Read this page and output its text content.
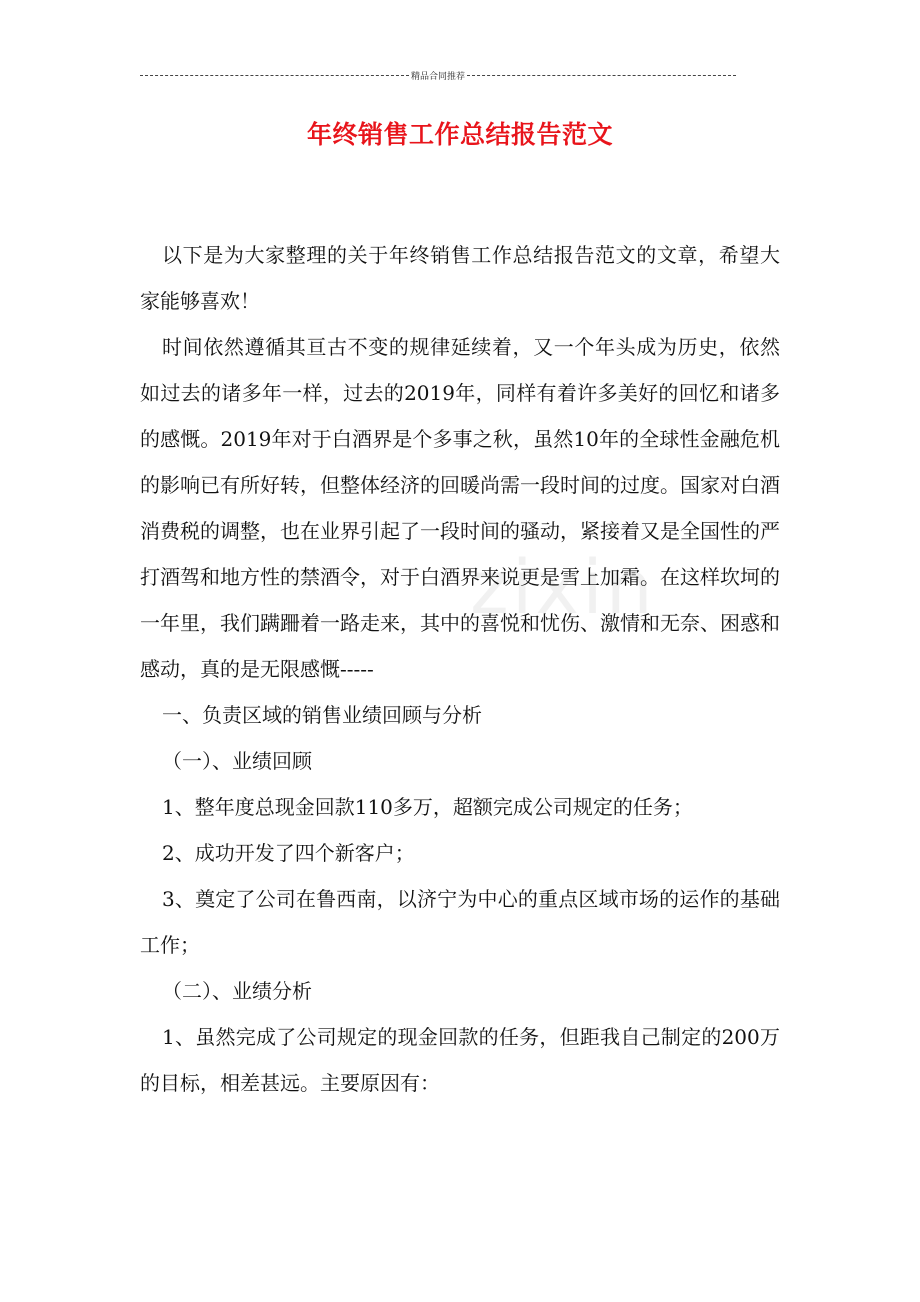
精品合同推荐
年终销售工作总结报告范文
zixin

以下是为大家整理的关于年终销售工作总结报告范文的文章，希望大家能够喜欢！

时间依然遵循其亘古不变的规律延续着，又一个年头成为历史，依然如过去的诸多年一样，过去的2019年，同样有着许多美好的回忆和诸多的感慨。2019年对于白酒界是个多事之秋，虽然10年的全球性金融危机的影响已有所好转，但整体经济的回暖尚需一段时间的过度。国家对白酒消费税的调整，也在业界引起了一段时间的骚动，紧接着又是全国性的严打酒驾和地方性的禁酒令，对于白酒界来说更是雪上加霜。在这样坎坷的一年里，我们蹒跚着一路走来，其中的喜悦和忧伤、激情和无奈、困惑和感动，真的是无限感慨-----

一、负责区域的销售业绩回顾与分析

（一）、业绩回顾

1、整年度总现金回款110多万，超额完成公司规定的任务；

2、成功开发了四个新客户；

3、奠定了公司在鲁西南，以济宁为中心的重点区域市场的运作的基础工作；

（二）、业绩分析

1、虽然完成了公司规定的现金回款的任务，但距我自己制定的200万的目标，相差甚远。主要原因有：
